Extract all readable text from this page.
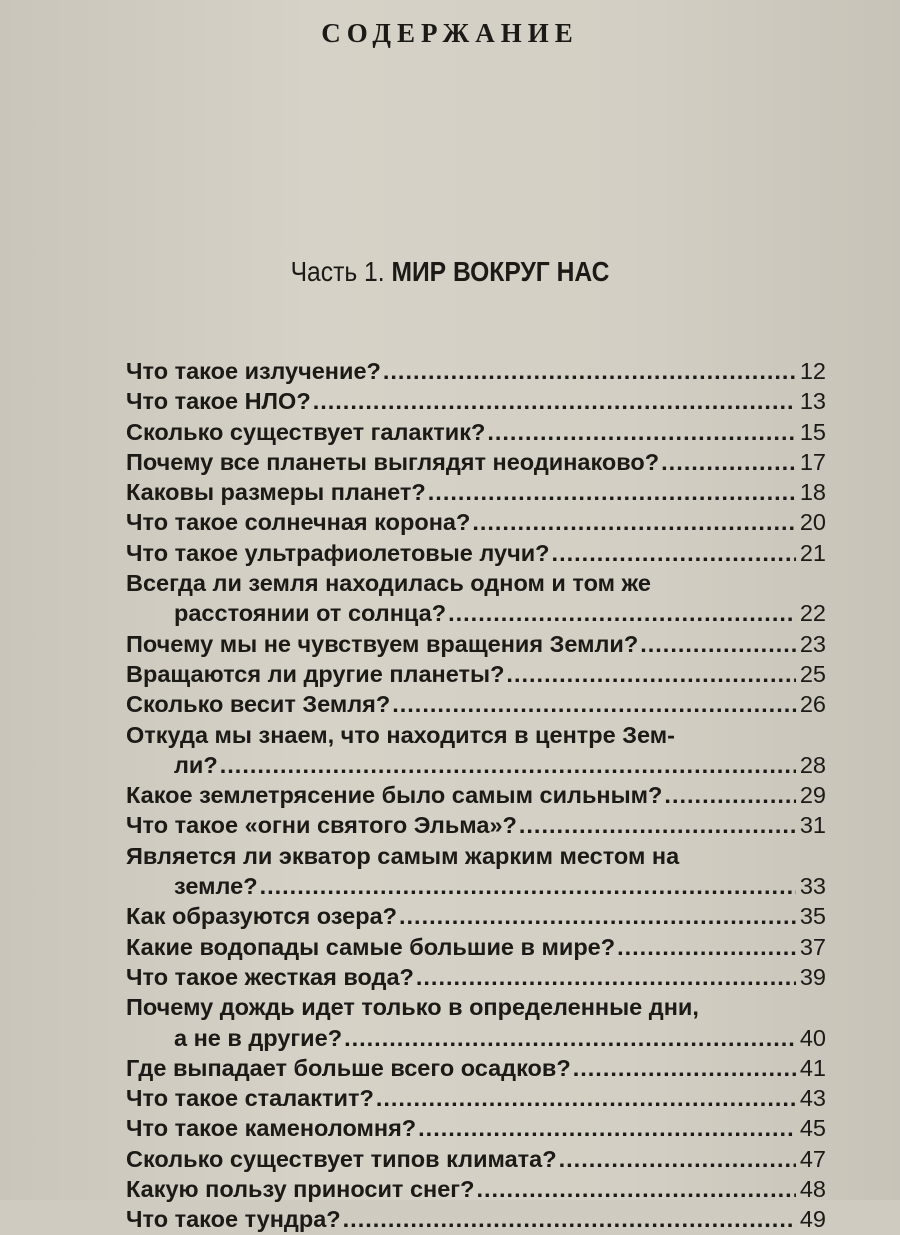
СОДЕРЖАНИЕ
Часть 1. МИР ВОКРУГ НАС
Что такое излучение? .....	12
Что такое НЛО? .....	13
Сколько существует галактик? .....	15
Почему все планеты выглядят неодинаково? .....	17
Каковы размеры планет? .....	18
Что такое солнечная корона? .....	20
Что такое ультрафиолетовые лучи? .....	21
Всегда ли земля находилась одном и том же
расстоянии от солнца? .....	22
Почему мы не чувствуем вращения Земли? .....	23
Вращаются ли другие планеты? .....	25
Сколько весит Земля? .....	26
Откуда мы знаем, что находится в центре Зем-
ли? .....	28
Какое землетрясение было самым сильным? .....	29
Что такое «огни святого Эльма»? .....	31
Является ли экватор самым жарким местом на
земле? .....	33
Как образуются озера? .....	35
Какие водопады самые большие в мире? .....	37
Что такое жесткая вода? .....	39
Почему дождь идет только в определенные дни,
а не в другие? .....	40
Где выпадает больше всего осадков? .....	41
Что такое сталактит? .....	43
Что такое каменоломня? .....	45
Сколько существует типов климата? .....	47
Какую пользу приносит снег? .....	48
Что такое тундра? .....	49
